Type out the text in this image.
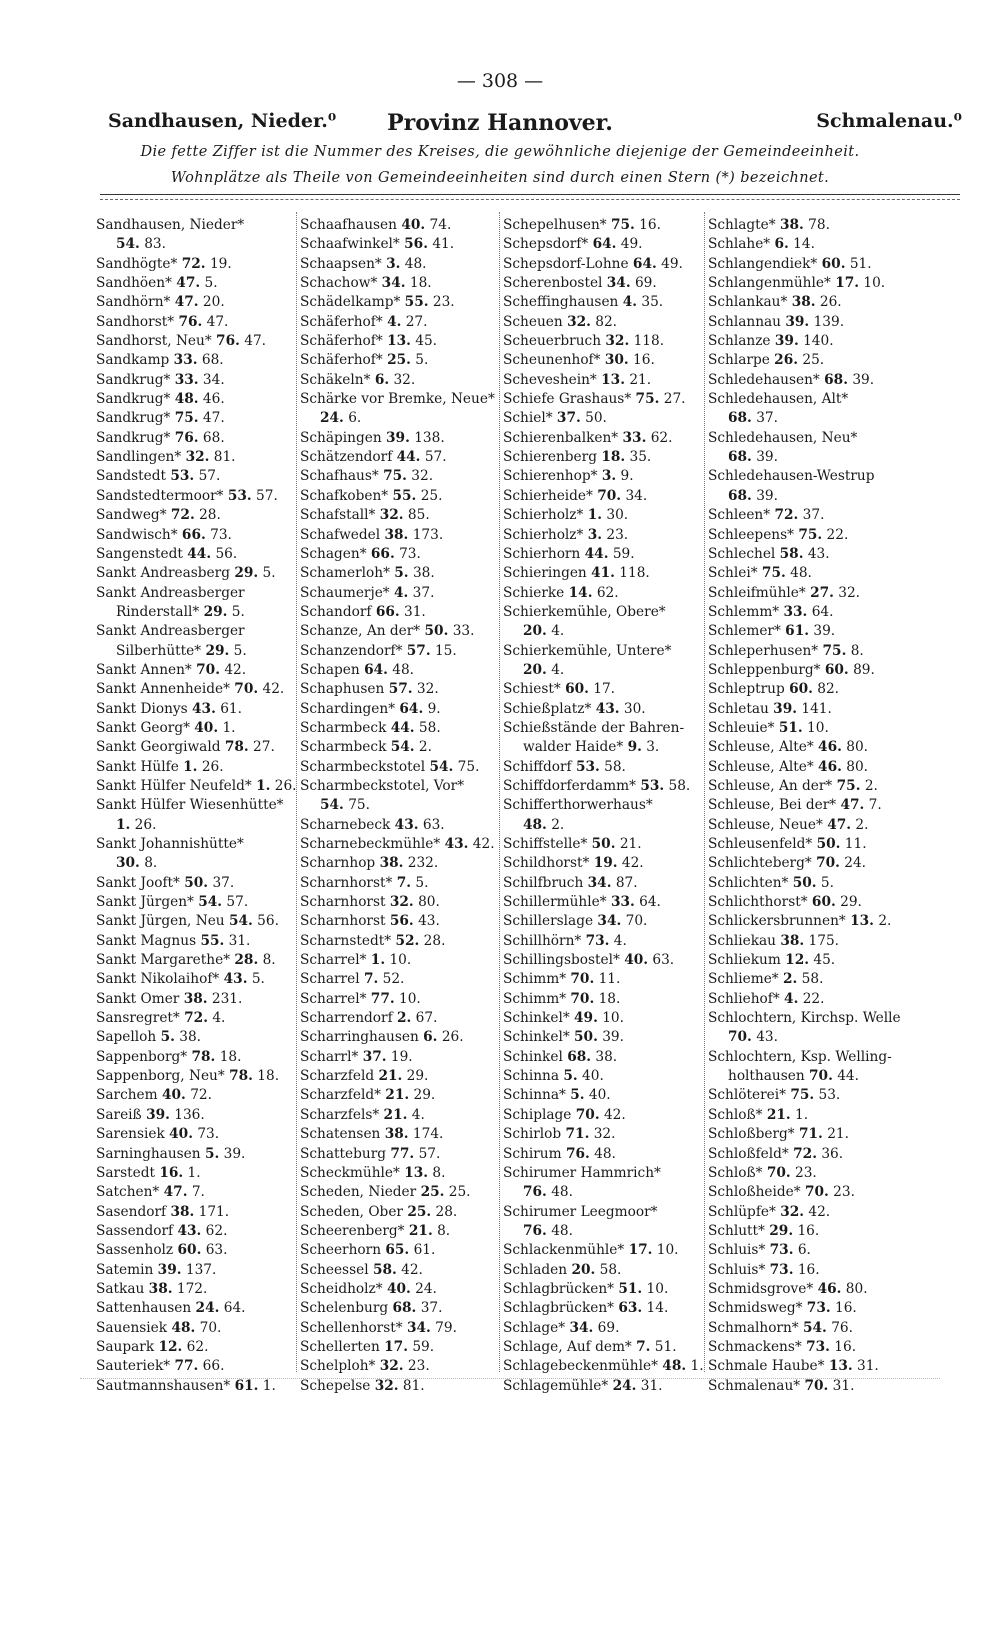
— 308 —
Sandhausen, Nieder.⁰	Provinz Hannover.	Schmalenau.⁰
Die fette Ziffer ist die Nummer des Kreises, die gewöhnliche diejenige der Gemeindeeinheit.
Wohnplätze als Theile von Gemeindeeinheiten sind durch einen Stern (*) bezeichnet.
Sandhausen, Nieder*
54. 83.
Sandhögte* 72. 19.
Sandhöen* 47. 5.
Sandhörn* 47. 20.
Sandhorst* 76. 47.
Sandhorst, Neu* 76. 47.
Sandkamp 33. 68.
Sandkrug* 33. 34.
Sandkrug* 48. 46.
Sandkrug* 75. 47.
Sandkrug* 76. 68.
Sandlingen* 32. 81.
Sandstedt 53. 57.
Sandstedtermoor* 53. 57.
Sandweg* 72. 28.
Sandwisch* 66. 73.
Sangenstedt 44. 56.
Sankt Andreasberg 29. 5.
Sankt Andreasberger
Rinderstall* 29. 5.
Sankt Andreasberger
Silberhütte* 29. 5.
Sankt Annen* 70. 42.
Sankt Annenheide* 70. 42.
Sankt Dionys 43. 61.
Sankt Georg* 40. 1.
Sankt Georgiwald 78. 27.
Sankt Hülfe 1. 26.
Sankt Hülfer Neufeld* 1. 26.
Sankt Hülfer Wiesenhütte*
1. 26.
Sankt Johannishütte*
30. 8.
Sankt Jooft* 50. 37.
Sankt Jürgen* 54. 57.
Sankt Jürgen, Neu 54. 56.
Sankt Magnus 55. 31.
Sankt Margarethe* 28. 8.
Sankt Nikolaihof* 43. 5.
Sankt Omer 38. 231.
Sansregret* 72. 4.
Sapelloh 5. 38.
Sappenborg* 78. 18.
Sappenborg, Neu* 78. 18.
Sarchem 40. 72.
Sareiß 39. 136.
Sarensiek 40. 73.
Sarninghausen 5. 39.
Sarstedt 16. 1.
Satchen* 47. 7.
Sasendorf 38. 171.
Sassendorf 43. 62.
Sassenholz 60. 63.
Satemin 39. 137.
Satkau 38. 172.
Sattenhausen 24. 64.
Sauensiek 48. 70.
Saupark 12. 62.
Sauteriek* 77. 66.
Sautmannshausen* 61. 1.
Schaafhausen 40. 74.
Schaafwinkel* 56. 41.
Schaapsen* 3. 48.
Schachow* 34. 18.
Schädelkamp* 55. 23.
Schäferhof* 4. 27.
Schäferhof* 13. 45.
Schäferhof* 25. 5.
Schäkeln* 6. 32.
Schärke vor Bremke, Neue*
24. 6.
Schäpingen 39. 138.
Schätzendorf 44. 57.
Schafhaus* 75. 32.
Schafkoben* 55. 25.
Schafstall* 32. 85.
Schafwedel 38. 173.
Schagen* 66. 73.
Schamerloh* 5. 38.
Schaumerje* 4. 37.
Schandorf 66. 31.
Schanze, An der* 50. 33.
Schanzendorf* 57. 15.
Schapen 64. 48.
Schaphusen 57. 32.
Schardingen* 64. 9.
Scharmbeck 44. 58.
Scharmbeck 54. 2.
Scharmbeckstotel 54. 75.
Scharmbeckstotel, Vor*
54. 75.
Scharnebeck 43. 63.
Scharnebeckmühle* 43. 42.
Scharnhop 38. 232.
Scharnhorst* 7. 5.
Scharnhorst 32. 80.
Scharnhorst 56. 43.
Scharnstedt* 52. 28.
Scharrel* 1. 10.
Scharrel 7. 52.
Scharrel* 77. 10.
Scharrendorf 2. 67.
Scharringhausen 6. 26.
Scharrl* 37. 19.
Scharzfeld 21. 29.
Scharzfeld* 21. 29.
Scharzfels* 21. 4.
Schatensen 38. 174.
Schatteburg 77. 57.
Scheckmühle* 13. 8.
Scheden, Nieder 25. 25.
Scheden, Ober 25. 28.
Scheerenberg* 21. 8.
Scheerhorn 65. 61.
Scheessel 58. 42.
Scheidholz* 40. 24.
Schelenburg 68. 37.
Schellenhorst* 34. 79.
Schellerten 17. 59.
Schelploh* 32. 23.
Schepelse 32. 81.
Schepelhusen* 75. 16.
Schepsdorf* 64. 49.
Schepsdorf-Lohne 64. 49.
Scherenbostel 34. 69.
Scheffinghausen 4. 35.
Scheuen 32. 82.
Scheuerbruch 32. 118.
Scheunenhof* 30. 16.
Scheveshein* 13. 21.
Schiefe Grashaus* 75. 27.
Schiel* 37. 50.
Schierenbalken* 33. 62.
Schierenberg 18. 35.
Schierenhop* 3. 9.
Schierheide* 70. 34.
Schierholz* 1. 30.
Schierholz* 3. 23.
Schierhorn 44. 59.
Schieringen 41. 118.
Schierke 14. 62.
Schierkemühle, Obere*
20. 4.
Schierkemühle, Untere*
20. 4.
Schiest* 60. 17.
Schießplatz* 43. 30.
Schießstände der Bahren-
walder Haide* 9. 3.
Schiffdorf 53. 58.
Schiffdorferdamm* 53. 58.
Schifferthorwerhaus*
48. 2.
Schiffstelle* 50. 21.
Schildhorst* 19. 42.
Schilfbruch 34. 87.
Schillermühle* 33. 64.
Schillerslage 34. 70.
Schillhörn* 73. 4.
Schillingsbostel* 40. 63.
Schimm* 70. 11.
Schimm* 70. 18.
Schinkel* 49. 10.
Schinkel* 50. 39.
Schinkel 68. 38.
Schinna 5. 40.
Schinna* 5. 40.
Schiplage 70. 42.
Schirlob 71. 32.
Schirum 76. 48.
Schirumer Hammrich*
76. 48.
Schirumer Leegmoor*
76. 48.
Schlackenmühle* 17. 10.
Schladen 20. 58.
Schlagbrücken* 51. 10.
Schlagbrücken* 63. 14.
Schlage* 34. 69.
Schlage, Auf dem* 7. 51.
Schlagebeckenmühle* 48. 1.
Schlagemühle* 24. 31.
Schlagte* 38. 78.
Schlahe* 6. 14.
Schlangendiek* 60. 51.
Schlangenmühle* 17. 10.
Schlankau* 38. 26.
Schlannau 39. 139.
Schlanze 39. 140.
Schlarpe 26. 25.
Schledehausen* 68. 39.
Schledehausen, Alt*
68. 37.
Schledehausen, Neu*
68. 39.
Schledehausen-Westrup
68. 39.
Schleen* 72. 37.
Schleepens* 75. 22.
Schlechel 58. 43.
Schlei* 75. 48.
Schleifmühle* 27. 32.
Schlemm* 33. 64.
Schlemer* 61. 39.
Schleperhusen* 75. 8.
Schleppenburg* 60. 89.
Schleptrup 60. 82.
Schletau 39. 141.
Schleuie* 51. 10.
Schleuse, Alte* 46. 80.
Schleuse, Alte* 46. 80.
Schleuse, An der* 75. 2.
Schleuse, Bei der* 47. 7.
Schleuse, Neue* 47. 2.
Schleusenfeld* 50. 11.
Schlichteberg* 70. 24.
Schlichten* 50. 5.
Schlichthorst* 60. 29.
Schlickersbrunnen* 13. 2.
Schliekau 38. 175.
Schliekum 12. 45.
Schlieme* 2. 58.
Schliehof* 4. 22.
Schlochtern, Kirchsp. Welle
70. 43.
Schlochtern, Ksp. Welling-
holthausen 70. 44.
Schlöterei* 75. 53.
Schloß* 21. 1.
Schloßberg* 71. 21.
Schloßfeld* 72. 36.
Schloß* 70. 23.
Schloßheide* 70. 23.
Schlüpfe* 32. 42.
Schlutt* 29. 16.
Schluis* 73. 6.
Schluis* 73. 16.
Schmidsgrove* 46. 80.
Schmidsweg* 73. 16.
Schmalhorn* 54. 76.
Schmackens* 73. 16.
Schmale Haube* 13. 31.
Schmalenau* 70. 31.
